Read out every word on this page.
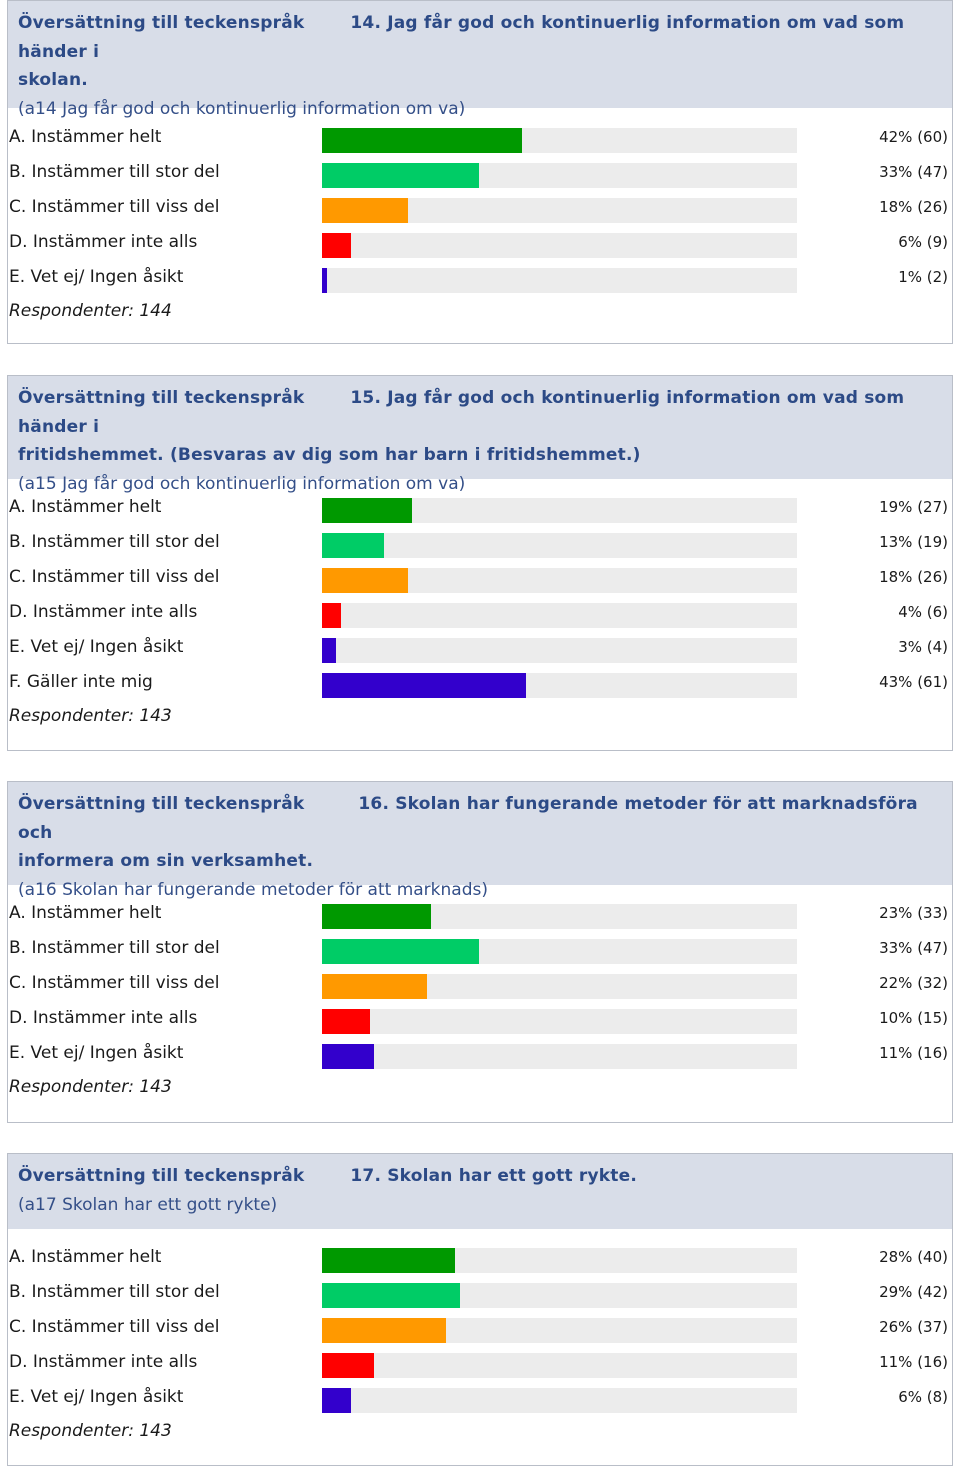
Översättning till teckenspråk	14. Jag får god och kontinuerlig information om vad som händer i
skolan.
(a14 Jag får god och kontinuerlig information om va)
A. Instämmer helt	42% (60)
B. Instämmer till stor del	33% (47)
C. Instämmer till viss del	18% (26)
D. Instämmer inte alls	6% (9)
E. Vet ej/ Ingen åsikt	1% (2)
Respondenter: 144
Översättning till teckenspråk	15. Jag får god och kontinuerlig information om vad som händer i
fritidshemmet. (Besvaras av dig som har barn i fritidshemmet.)
(a15 Jag får god och kontinuerlig information om va)
A. Instämmer helt	19% (27)
B. Instämmer till stor del	13% (19)
C. Instämmer till viss del	18% (26)
D. Instämmer inte alls	4% (6)
E. Vet ej/ Ingen åsikt	3% (4)
F. Gäller inte mig	43% (61)
Respondenter: 143
Översättning till teckenspråk	16. Skolan har fungerande metoder för att marknadsföra och
informera om sin verksamhet.
(a16 Skolan har fungerande metoder för att marknads)
A. Instämmer helt	23% (33)
B. Instämmer till stor del	33% (47)
C. Instämmer till viss del	22% (32)
D. Instämmer inte alls	10% (15)
E. Vet ej/ Ingen åsikt	11% (16)
Respondenter: 143
Översättning till teckenspråk	17. Skolan har ett gott rykte.
(a17 Skolan har ett gott rykte)
A. Instämmer helt	28% (40)
B. Instämmer till stor del	29% (42)
C. Instämmer till viss del	26% (37)
D. Instämmer inte alls	11% (16)
E. Vet ej/ Ingen åsikt	6% (8)
Respondenter: 143
